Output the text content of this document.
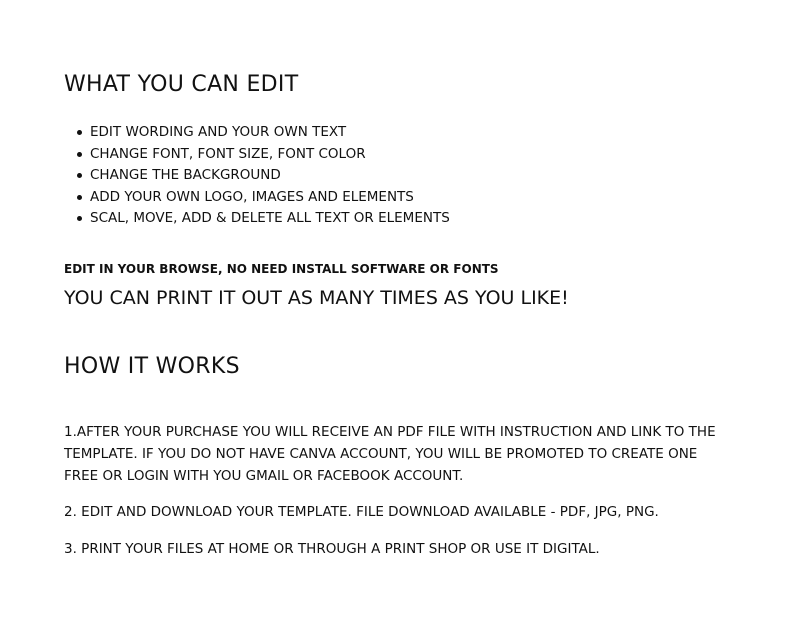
WHAT YOU CAN EDIT
EDIT WORDING AND YOUR OWN TEXT
CHANGE FONT, FONT SIZE, FONT COLOR
CHANGE THE BACKGROUND
ADD YOUR OWN LOGO, IMAGES AND ELEMENTS
SCAL, MOVE, ADD & DELETE ALL TEXT OR ELEMENTS

EDIT IN YOUR BROWSE, NO NEED INSTALL SOFTWARE OR FONTS

YOU CAN PRINT IT OUT AS MANY TIMES AS YOU LIKE!

HOW IT WORKS

1.AFTER YOUR PURCHASE YOU WILL RECEIVE AN PDF FILE WITH INSTRUCTION AND LINK TO THE
TEMPLATE. IF YOU DO NOT HAVE CANVA ACCOUNT, YOU WILL BE PROMOTED TO CREATE ONE
FREE OR LOGIN WITH YOU GMAIL OR FACEBOOK ACCOUNT.

2. EDIT AND DOWNLOAD YOUR TEMPLATE. FILE DOWNLOAD AVAILABLE - PDF, JPG, PNG.

3. PRINT YOUR FILES AT HOME OR THROUGH A PRINT SHOP OR USE IT DIGITAL.
